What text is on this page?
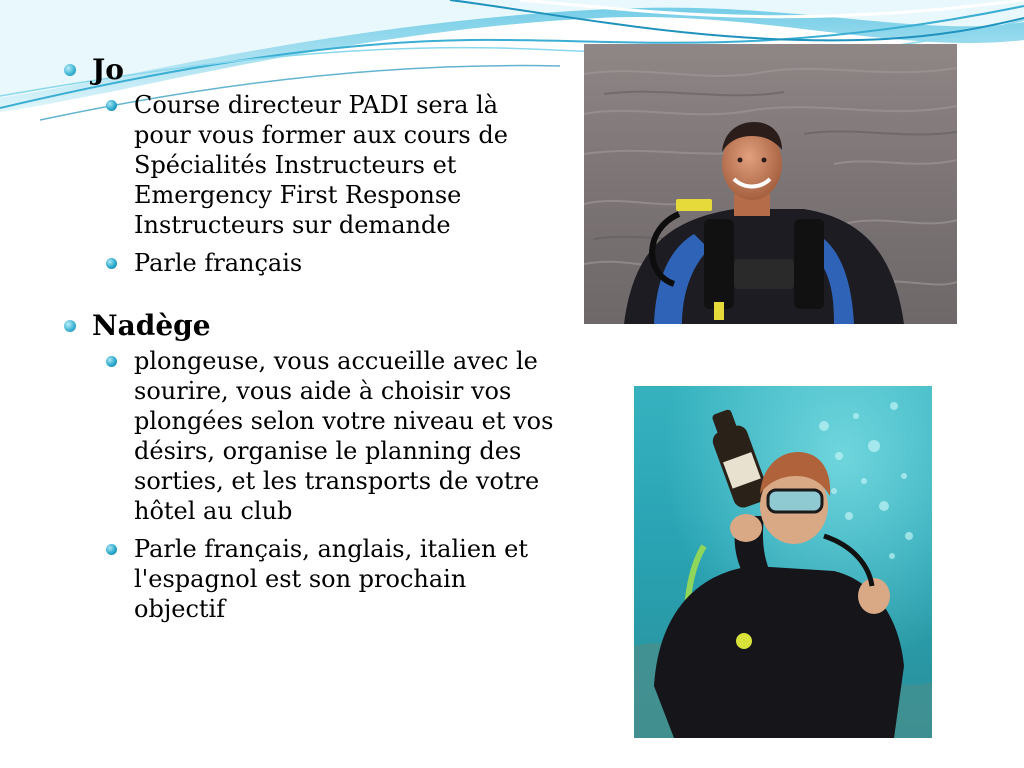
Jo
Course directeur PADI sera là pour vous former aux cours de Spécialités Instructeurs et Emergency First Response Instructeurs sur demande
Parle français
Nadège
plongeuse, vous accueille avec le sourire, vous aide à choisir vos plongées selon votre niveau et vos désirs, organise le planning des sorties, et les transports de votre hôtel au club
Parle français, anglais, italien et l'espagnol est son prochain objectif
